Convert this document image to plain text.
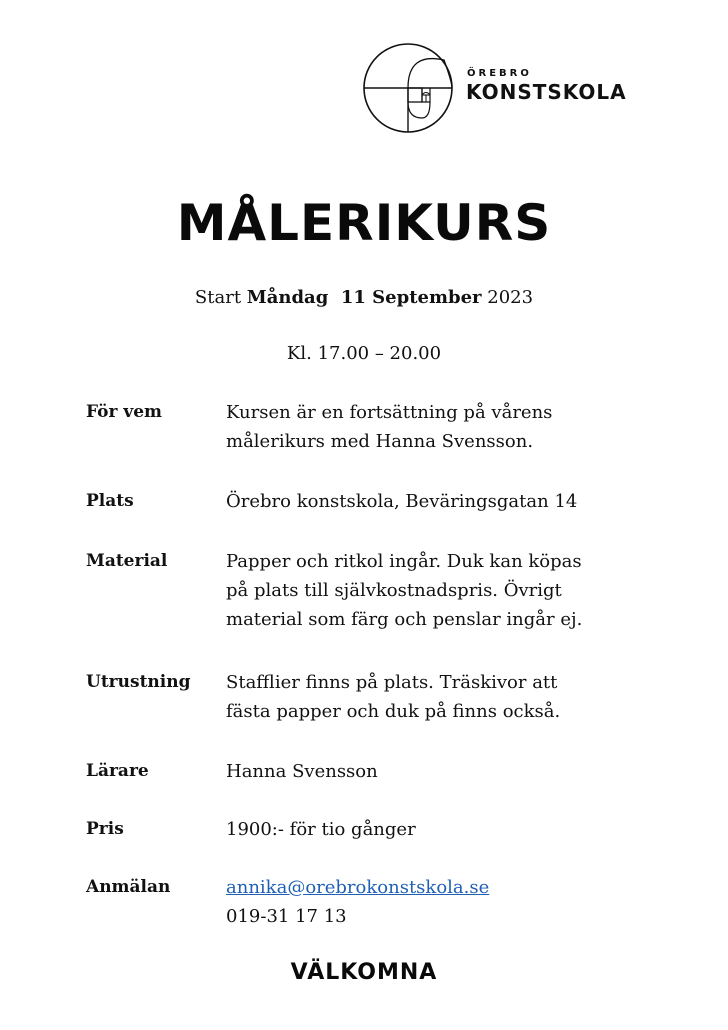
ÖREBRO
KONSTSKOLA
MÅLERIKURS
Start Måndag  11 September 2023
Kl. 17.00 – 20.00
För vem	Kursen är en fortsättning på vårens
målerikurs med Hanna Svensson.
Plats	Örebro konstskola, Beväringsgatan 14
Material	Papper och ritkol ingår. Duk kan köpas
på plats till självkostnadspris. Övrigt
material som färg och penslar ingår ej.
Utrustning	Stafflier finns på plats. Träskivor att
fästa papper och duk på finns också.
Lärare	Hanna Svensson
Pris	1900:- för tio gånger
Anmälan	annika@orebrokonstskola.se
019-31 17 13
VÄLKOMNA
